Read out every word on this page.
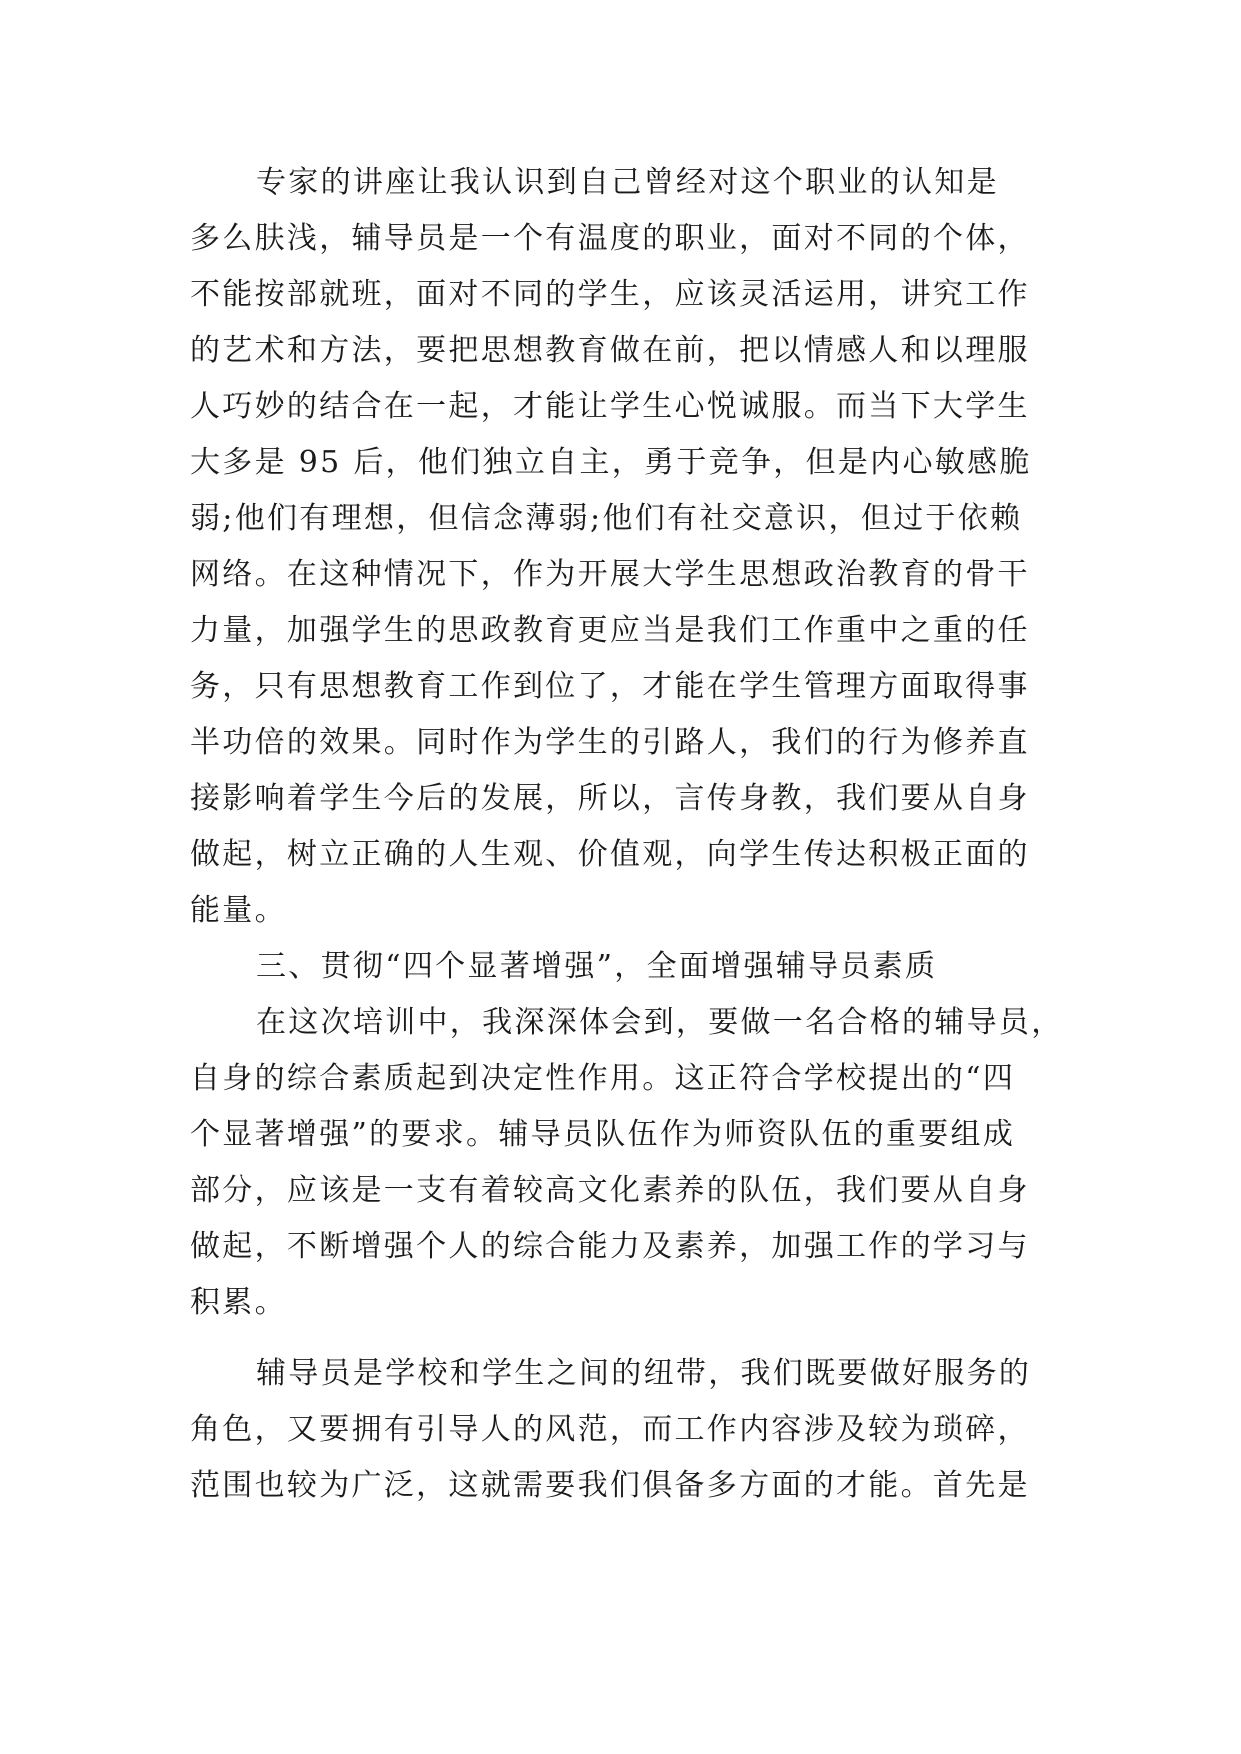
专家的讲座让我认识到自己曾经对这个职业的认知是
多么肤浅，辅导员是一个有温度的职业，面对不同的个体，
不能按部就班，面对不同的学生，应该灵活运用，讲究工作
的艺术和方法，要把思想教育做在前，把以情感人和以理服
人巧妙的结合在一起，才能让学生心悦诚服。而当下大学生
大多是 95 后，他们独立自主，勇于竞争，但是内心敏感脆
弱;他们有理想，但信念薄弱;他们有社交意识，但过于依赖
网络。在这种情况下，作为开展大学生思想政治教育的骨干
力量，加强学生的思政教育更应当是我们工作重中之重的任
务，只有思想教育工作到位了，才能在学生管理方面取得事
半功倍的效果。同时作为学生的引路人，我们的行为修养直
接影响着学生今后的发展，所以，言传身教，我们要从自身
做起，树立正确的人生观、价值观，向学生传达积极正面的
能量。
三、贯彻“四个显著增强”，全面增强辅导员素质
在这次培训中，我深深体会到，要做一名合格的辅导员，
自身的综合素质起到决定性作用。这正符合学校提出的“四
个显著增强”的要求。辅导员队伍作为师资队伍的重要组成
部分，应该是一支有着较高文化素养的队伍，我们要从自身
做起，不断增强个人的综合能力及素养，加强工作的学习与
积累。
辅导员是学校和学生之间的纽带，我们既要做好服务的
角色，又要拥有引导人的风范，而工作内容涉及较为琐碎，
范围也较为广泛，这就需要我们俱备多方面的才能。首先是
